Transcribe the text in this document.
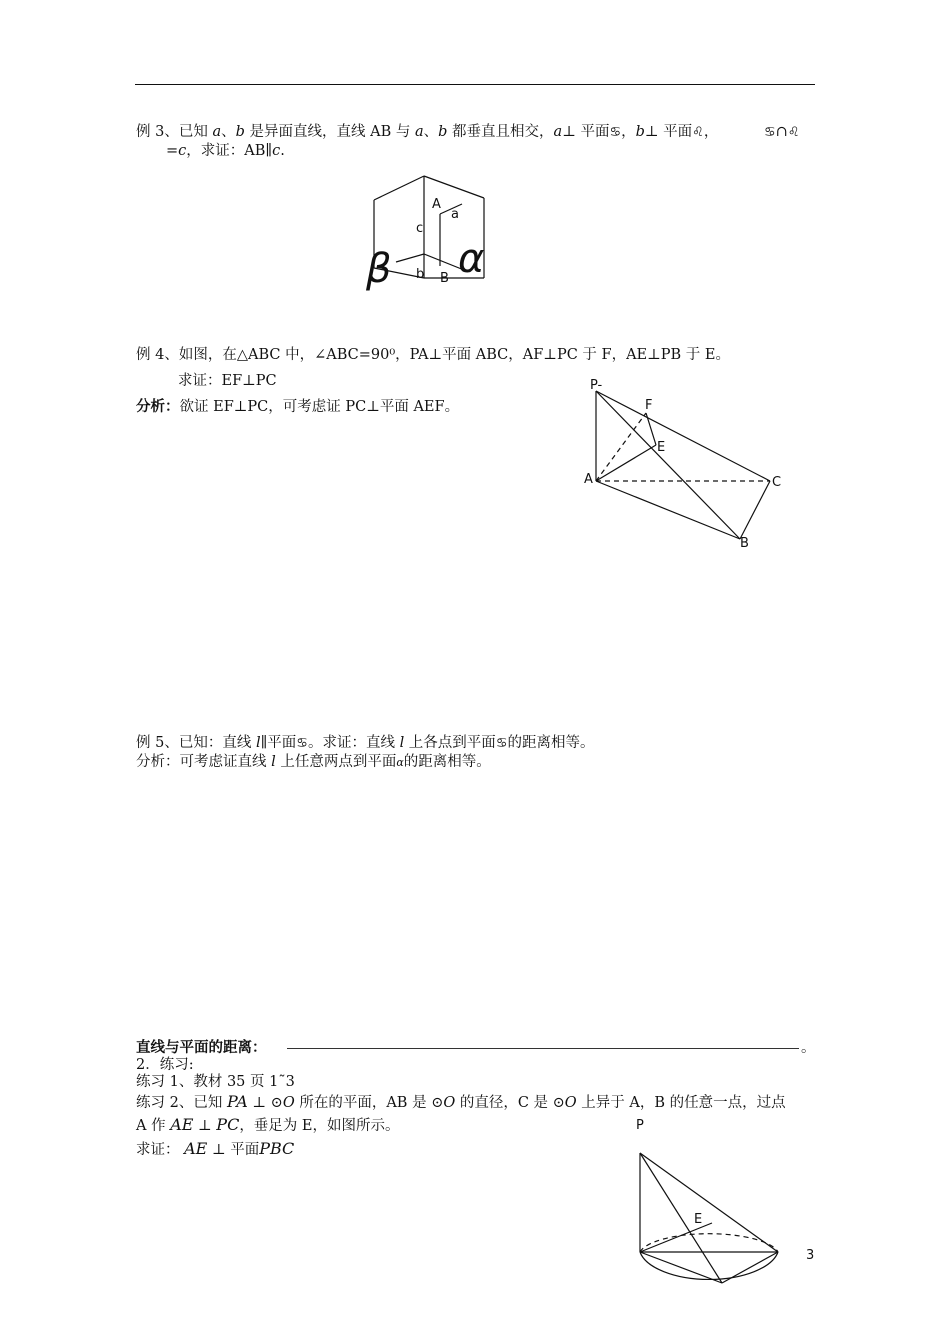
例 3、已知 a、b 是异面直线，直线 AB 与 a、b 都垂直且相交，a⊥ 平面♋，b⊥ 平面♌，	♋∩♌
=c，求证：AB∥c.
A
a
c
β α
b B
例 4、如图，在△ABC 中，∠ABC=90⁰，PA⊥平面 ABC，AF⊥PC 于 F，AE⊥PB 于 E。
求证：EF⊥PC
分析：欲证 EF⊥PC，可考虑证 PC⊥平面 AEF。
P-
F
E
A	C
B
例 5、已知：直线 l∥平面♋。求证：直线 l 上各点到平面♋的距离相等。
分析：可考虑证直线 l 上任意两点到平面α的距离相等。
直线与平面的距离：	。
2．练习:
练习 1、教材 35 页 1˜3
练习 2、已知 PA ⊥ ⊙O 所在的平面，AB 是 ⊙O 的直径，C 是 ⊙O 上异于 A，B 的任意一点，过点
A 作 AE ⊥ PC，垂足为 E，如图所示。
求证： AE ⊥ 平面PBC
P
E
3
